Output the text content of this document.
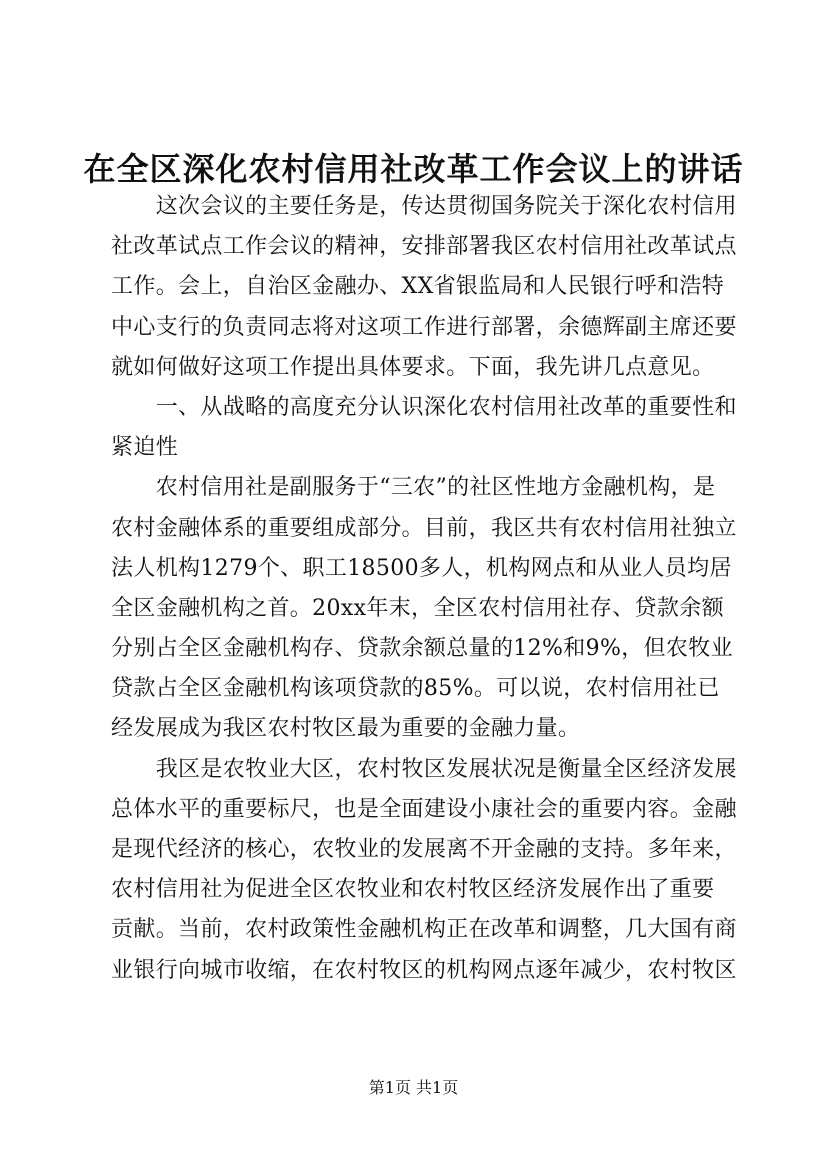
在全区深化农村信用社改革工作会议上的讲话
　　这次会议的主要任务是，传达贯彻国务院关于深化农村信用
社改革试点工作会议的精神，安排部署我区农村信用社改革试点
工作。会上，自治区金融办、XX省银监局和人民银行呼和浩特
中心支行的负责同志将对这项工作进行部署，余德辉副主席还要
就如何做好这项工作提出具体要求。下面，我先讲几点意见。
　　一、从战略的高度充分认识深化农村信用社改革的重要性和
紧迫性
　　农村信用社是副服务于“三农”的社区性地方金融机构，是
农村金融体系的重要组成部分。目前，我区共有农村信用社独立
法人机构1279个、职工18500多人，机构网点和从业人员均居
全区金融机构之首。20xx年末，全区农村信用社存、贷款余额
分别占全区金融机构存、贷款余额总量的12%和9%，但农牧业
贷款占全区金融机构该项贷款的85%。可以说，农村信用社已
经发展成为我区农村牧区最为重要的金融力量。
　　我区是农牧业大区，农村牧区发展状况是衡量全区经济发展
总体水平的重要标尺，也是全面建设小康社会的重要内容。金融
是现代经济的核心，农牧业的发展离不开金融的支持。多年来，
农村信用社为促进全区农牧业和农村牧区经济发展作出了重要
贡献。当前，农村政策性金融机构正在改革和调整，几大国有商
业银行向城市收缩，在农村牧区的机构网点逐年减少，农村牧区
第1页 共1页
